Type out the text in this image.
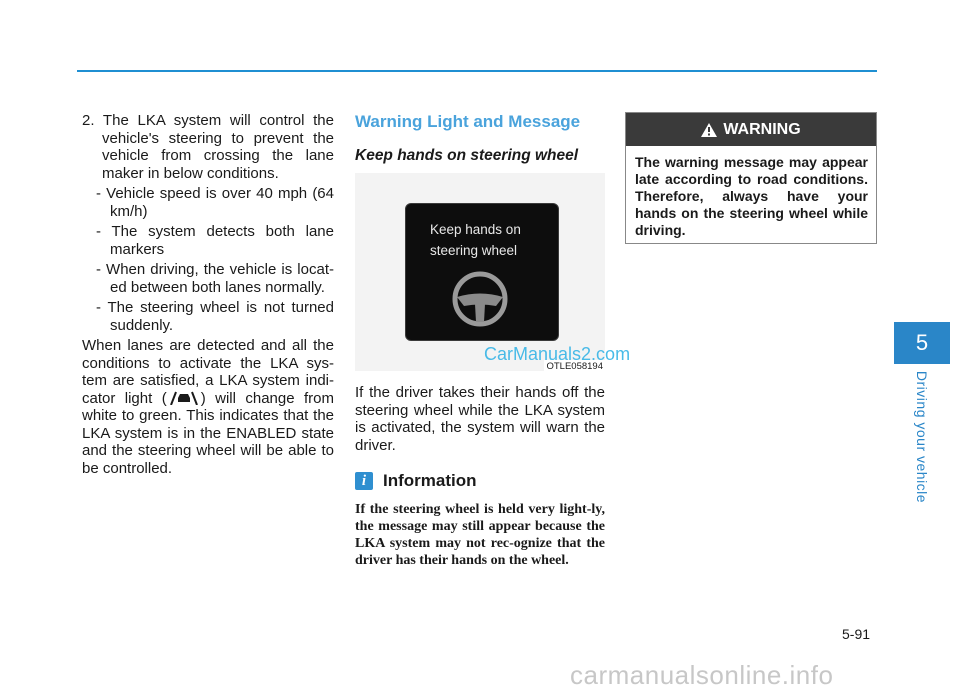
2. The LKA system will control the vehicle's steering to prevent the vehicle from crossing the lane maker in below conditions.

- Vehicle speed is over 40 mph (64 km/h)

- The system detects both lane markers

- When driving, the vehicle is locat-ed between both lanes normally.

- The steering wheel is not turned suddenly.

When lanes are detected and all the conditions to activate the LKA sys-tem are satisfied, a LKA system indi-cator light ( ) will change from white to green. This indicates that the LKA system is in the ENABLED state and the steering wheel will be able to be controlled.

Warning Light and Message
Keep hands on steering wheel
Keep hands on
steering wheel
OTLE058194

If the driver takes their hands off the steering wheel while the LKA system is activated, the system will warn the driver.

i Information

If the steering wheel is held very light-ly, the message may still appear because the LKA system may not rec-ognize that the driver has their hands on the wheel.

WARNING
The warning message may appear late according to road conditions. Therefore, always have your hands on the steering wheel while driving.
CarManuals2.com	5
Driving your vehicle
5-91
carmanualsonline.info
